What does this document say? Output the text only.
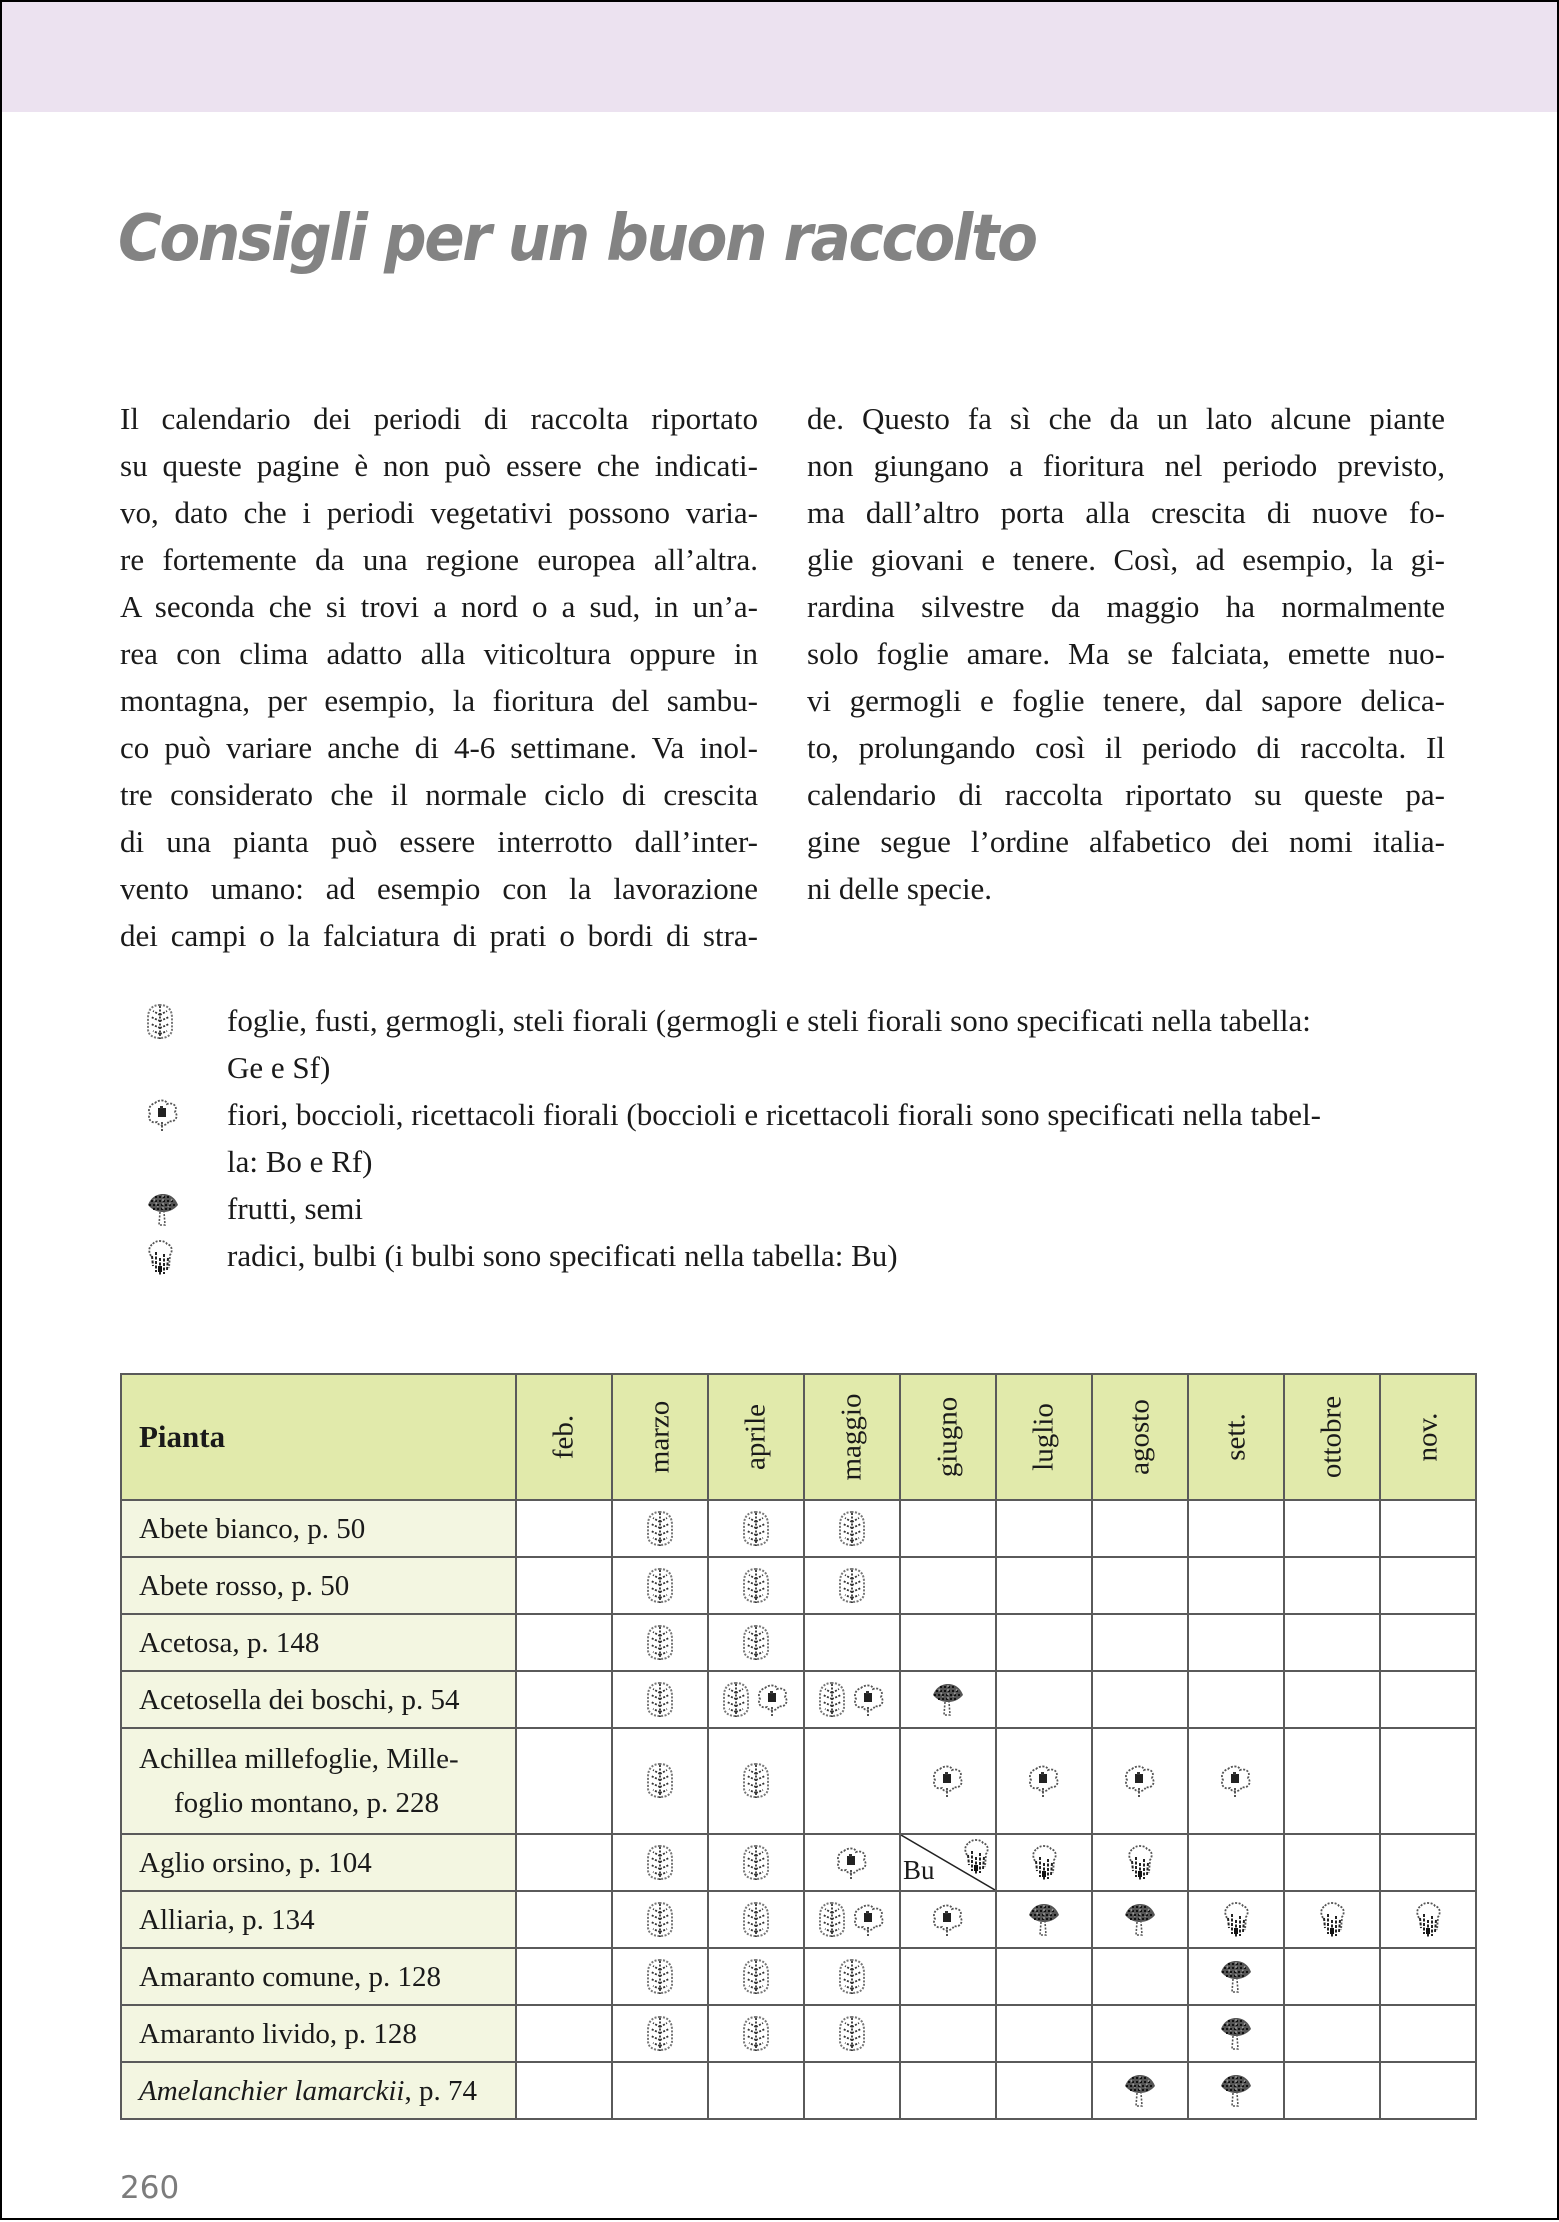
Consigli per un buon raccolto
Il calendario dei periodi di raccolta riportato
su queste pagine è non può essere che indicati-
vo, dato che i periodi vegetativi possono varia-
re fortemente da una regione europea all’altra.
A seconda che si trovi a nord o a sud, in un’a-
rea con clima adatto alla viticoltura oppure in
montagna, per esempio, la fioritura del sambu-
co può variare anche di 4-6 settimane. Va inol-
tre considerato che il normale ciclo di crescita
di una pianta può essere interrotto dall’inter-
vento umano: ad esempio con la lavorazione
dei campi o la falciatura di prati o bordi di stra-
de. Questo fa sì che da un lato alcune piante
non giungano a fioritura nel periodo previsto,
ma dall’altro porta alla crescita di nuove fo-
glie giovani e tenere. Così, ad esempio, la gi-
rardina silvestre da maggio ha normalmente
solo foglie amare. Ma se falciata, emette nuo-
vi germogli e foglie tenere, dal sapore delica-
to, prolungando così il periodo di raccolta. Il
calendario di raccolta riportato su queste pa-
gine segue l’ordine alfabetico dei nomi italia-
ni delle specie.
foglie, fusti, germogli, steli fiorali (germogli e steli fiorali sono specificati nella tabella:
Ge e Sf)
fiori, boccioli, ricettacoli fiorali (boccioli e ricettacoli fiorali sono specificati nella tabel-
la: Bo e Rf)
frutti, semi
radici, bulbi (i bulbi sono specificati nella tabella: Bu)
Pianta	feb.	marzo	aprile	maggio	giugno	luglio	agosto	sett.	ottobre	nov.

Abete bianco, p. 50		

Abete rosso, p. 50		

Acetosa, p. 148		

Acetosella dei boschi, p. 54		

Achillea millefoglie, Mille-
foglio montano, p. 228

Aglio orsino, p. 104					Bu

Alliaria, p. 134		

Amaranto comune, p. 128		

Amaranto livido, p. 128		

Amelanchier lamarckii, p. 74							

260
